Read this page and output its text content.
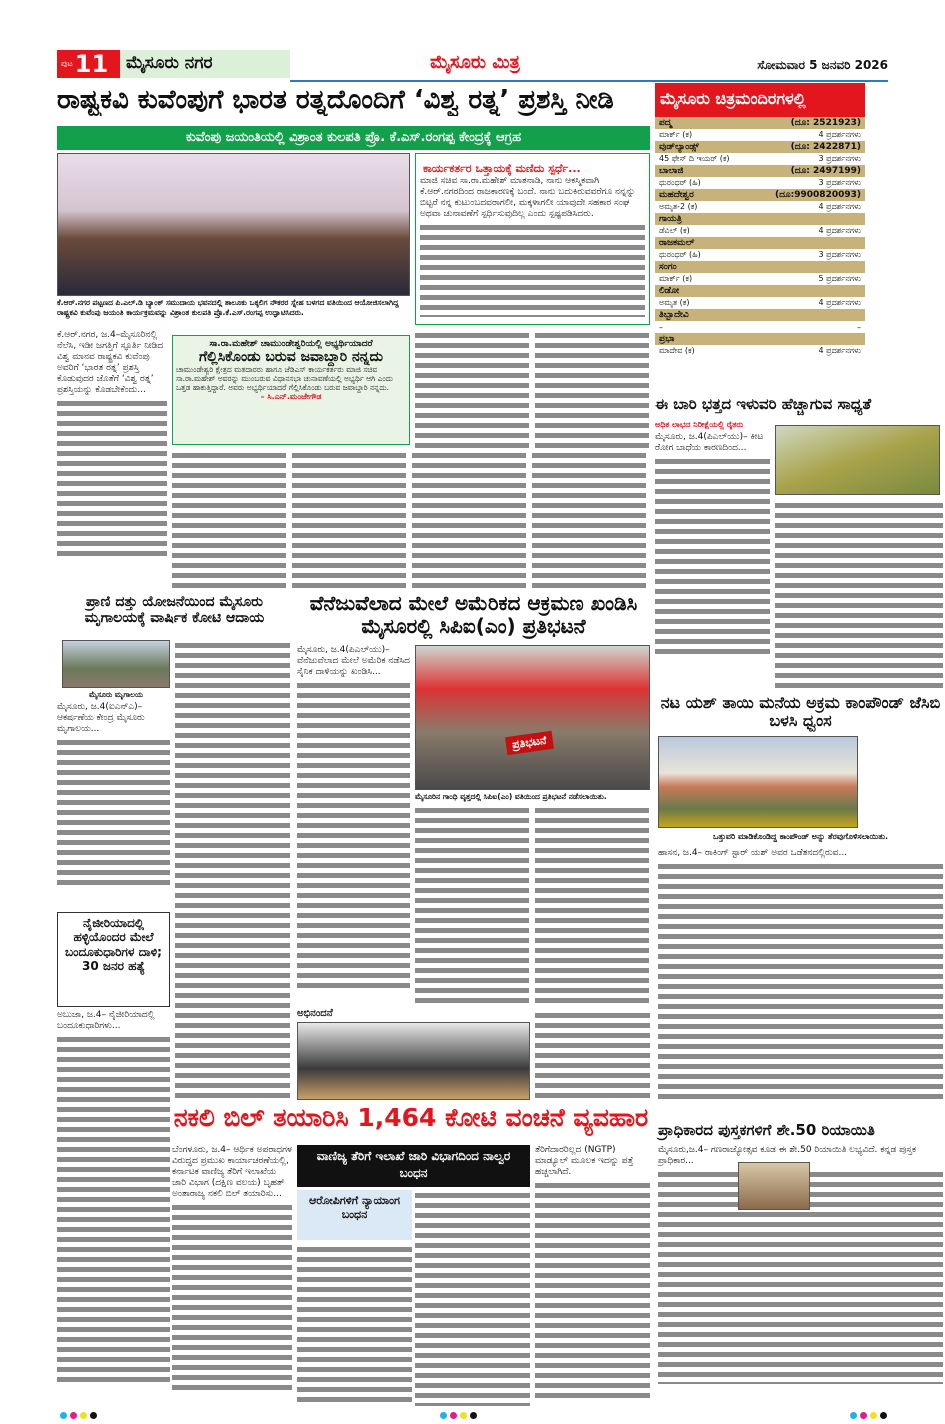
ಪುಟ 11	ಮೈಸೂರು ನಗರ	ಮೈಸೂರು ಮಿತ್ರ	ಸೋಮವಾರ 5 ಜನವರಿ 2026
ರಾಷ್ಟ್ರಕವಿ ಕುವೆಂಪುಗೆ ಭಾರತ ರತ್ನದೊಂದಿಗೆ ‘ವಿಶ್ವ ರತ್ನ’ ಪ್ರಶಸ್ತಿ ನೀಡಿ
ಕುವೆಂಪು ಜಯಂತಿಯಲ್ಲಿ ವಿಶ್ರಾಂತ ಕುಲಪತಿ ಪ್ರೊ. ಕೆ.ಎಸ್.ರಂಗಪ್ಪ ಕೇಂದ್ರಕ್ಕೆ ಆಗ್ರಹ
ಕೆ.ಆರ್.ನಗರ ಪಟ್ಟಣದ ಪಿ.ಎಲ್.ಡಿ ಬ್ಯಾಂಕ್ ಸಮುದಾಯ ಭವನದಲ್ಲಿ ತಾಲೂಕು ಒಕ್ಕಲಿಗ ನೌಕರರ ಸ್ನೇಹ ಬಳಗದ ವತಿಯಿಂದ ಆಯೋಜಿಸಲಾಗಿದ್ದ ರಾಷ್ಟ್ರಕವಿ ಕುವೆಂಪು ಜಯಂತಿ ಕಾರ್ಯಕ್ರಮವನ್ನು ವಿಶ್ರಾಂತ ಕುಲಪತಿ ಪ್ರೊ.ಕೆ.ಎಸ್.ರಂಗಪ್ಪ ಉದ್ಘಾಟಿಸಿದರು.
ಕಾರ್ಯಕರ್ತರ ಒತ್ತಾಯಕ್ಕೆ ಮಣಿದು ಸ್ಪರ್ಧೆ...
ಮಾಜಿ ಸಚಿವ ಸಾ.ರಾ.ಮಹೇಶ್ ಮಾತನಾಡಿ, ನಾನು ಆಕಸ್ಮಿಕವಾಗಿ ಕೆ.ಆರ್.ನಗರದಿಂದ ರಾಜಕಾರಣಕ್ಕೆ ಬಂದೆ. ನಾನು ಬದುಕಿರುವವರೆಗೂ ನನ್ನನ್ನು ಬಿಟ್ಟರೆ ನನ್ನ ಕುಟುಂಬದವರಾಗಲೀ, ಮಕ್ಕಳಾಗಲೀ ಯಾವುದೇ ಸಹಕಾರ ಸಂಘ ಅಥವಾ ಚುನಾವಣೆಗೆ ಸ್ಪರ್ಧಿಸುವುದಿಲ್ಲ ಎಂದು ಸ್ಪಷ್ಟಪಡಿಸಿದರು.
ಕೆ.ಆರ್.ನಗರ, ಜ.4–ಮೈಸೂರಿನಲ್ಲಿ ನೆಲೆಸಿ, ಇಡೀ ಜಗತ್ತಿಗೆ ಸ್ಫೂರ್ತಿ ನೀಡಿದ ವಿಶ್ವ ಮಾನವ ರಾಷ್ಟ್ರಕವಿ ಕುವೆಂಪು ಅವರಿಗೆ ‘ಭಾರತ ರತ್ನ’ ಪ್ರಶಸ್ತಿ ಕೊಡುವುದರ ಜೊತೆಗೆ ‘ವಿಶ್ವ ರತ್ನ’ ಪ್ರಶಸ್ತಿಯನ್ನು ಕೊಡಬೇಕೆಂದು...
ಸಾ.ರಾ.ಮಹೇಶ್ ಚಾಮುಂಡೇಶ್ವರಿಯಲ್ಲಿ ಅಭ್ಯರ್ಥಿಯಾದರೆ
ಗೆಲ್ಲಿಸಿಕೊಂಡು ಬರುವ ಜವಾಬ್ದಾರಿ ನನ್ನದು
ಚಾಮುಂಡೇಶ್ವರಿ ಕ್ಷೇತ್ರದ ಮತದಾರರು ಹಾಗೂ ಜೆಡಿಎಸ್ ಕಾರ್ಯಕರ್ತರು ಮಾಜಿ ಸಚಿವ ಸಾ.ರಾ.ಮಹೇಶ್ ಅವರನ್ನು ಮುಂಬರುವ ವಿಧಾನಸಭಾ ಚುನಾವಣೆಯಲ್ಲಿ ಅಭ್ಯರ್ಥಿ ಆಗಿ ಎಂದು ಒತ್ತಡ ಹಾಕುತ್ತಿದ್ದಾರೆ. ಅವರು ಅಭ್ಯರ್ಥಿಯಾದರೆ ಗೆಲ್ಲಿಸಿಕೊಂಡು ಬರುವ ಜವಾಬ್ದಾರಿ ನನ್ನದು.
– ಸಿ.ಎನ್.ಮಂಜೇಗೌಡ
ಮೈಸೂರು ಚಿತ್ರಮಂದಿರಗಳಲ್ಲಿ
ಪದ್ಮ	(ದೂ: 2521923)
ಮಾರ್ಕ್ (ಕ)	4 ಪ್ರದರ್ಶನಗಳು
ವುಡ್‌ಲ್ಯಾಂಡ್ಸ್	(ದೂ: 2422871)
45 ಫೇಸ್ ದಿ ಇಯರ್ (ಕ)	3 ಪ್ರದರ್ಶನಗಳು
ಬಾಲಾಜಿ	(ದೂ: 2497199)
ಧುರಂಧರ್ (ಹಿ)	3 ಪ್ರದರ್ಶನಗಳು
ಮಹದೇಶ್ವರ	(ದೂ:9900820093)
ಅಮೃತ-2 (ಕ)	4 ಪ್ರದರ್ಶನಗಳು
ಗಾಯತ್ರಿ
ಡೆವಿಲ್ (ಕ)	4 ಪ್ರದರ್ಶನಗಳು
ರಾಜಕಮಲ್
ಧುರಂಧರ್ (ಹಿ)	3 ಪ್ರದರ್ಶನಗಳು
ಸಂಗಂ
ಮಾರ್ಕ್ (ಕ)	5 ಪ್ರದರ್ಶನಗಳು
ಲಿಡೋ
ಅಮೃತ (ಕ)	4 ಪ್ರದರ್ಶನಗಳು
ತಿಬ್ಬಾದೇವಿ
–	–
ಪ್ರಭಾ
ಮಾದೇವ (ಕ)	4 ಪ್ರದರ್ಶನಗಳು
ಈ ಬಾರಿ ಭತ್ತದ ಇಳುವರಿ ಹೆಚ್ಚಾಗುವ ಸಾಧ್ಯತೆ
ಅಧಿಕ ಲಾಭದ ನಿರೀಕ್ಷೆಯಲ್ಲಿ ರೈತರು
ಮೈಸೂರು, ಜ.4(ಪಿಎಲ್‌ಯು)– ಕೀಟ ರೋಗ ಬಾಧೆಯ ಕಾರಣದಿಂದ...
ನಟ ಯಶ್ ತಾಯಿ ಮನೆಯ ಅಕ್ರಮ ಕಾಂಪೌಂಡ್ ಜೆಸಿಬಿ ಬಳಸಿ ಧ್ವಂಸ
ಒತ್ತುವರಿ ಮಾಡಿಕೊಂಡಿದ್ದ ಕಾಂಪೌಂಡ್ ಅನ್ನು ತೆರವುಗೊಳಿಸಲಾಯಿತು.
ಹಾಸನ, ಜ.4– ರಾಕಿಂಗ್ ಸ್ಟಾರ್ ಯಶ್ ಅವರ ಒಡೆತನದಲ್ಲಿರುವ...
ಪ್ರಾಣಿ ದತ್ತು ಯೋಜನೆಯಿಂದ ಮೈಸೂರು ಮೃಗಾಲಯಕ್ಕೆ ವಾರ್ಷಿಕ ಕೋಟಿ ಆದಾಯ
ಮೈಸೂರು ಮೃಗಾಲಯ
ಮೈಸೂರು, ಜ.4(ಐಎನ್‌ಎ)– ಆಕರ್ಷಣೆಯ ಕೇಂದ್ರ ಮೈಸೂರು ಮೃಗಾಲಯ...
ನೈಜೀರಿಯಾದಲ್ಲಿ ಹಳ್ಳಿಯೊಂದರ ಮೇಲೆ ಬಂದೂಕುಧಾರಿಗಳ ದಾಳಿ; 30 ಜನರ ಹತ್ಯೆ
ಅಬುಜಾ, ಜ.4– ನೈಜೀರಿಯಾದಲ್ಲಿ ಬಂದೂಕುಧಾರಿಗಳು...
ವೆನೆಜುವೆಲಾದ ಮೇಲೆ ಅಮೆರಿಕದ ಆಕ್ರಮಣ ಖಂಡಿಸಿ ಮೈಸೂರಲ್ಲಿ ಸಿಪಿಐ(ಎಂ) ಪ್ರತಿಭಟನೆ
ಮೈಸೂರು, ಜ.4(ಪಿಎಲ್‌ಯು)– ವೆನೆಜುವೆಲಾದ ಮೇಲೆ ಅಮೆರಿಕ ನಡೆಸಿದ ಸೈನಿಕ ದಾಳಿಯನ್ನು ಖಂಡಿಸಿ...
ಪ್ರತಿಭಟನೆ
ಮೈಸೂರಿನ ಗಾಂಧಿ ವೃತ್ತದಲ್ಲಿ ಸಿಪಿಐ(ಎಂ) ವತಿಯಿಂದ ಪ್ರತಿಭಟನೆ ನಡೆಸಲಾಯಿತು.
ಅಭಿನಂದನೆ
ನಕಲಿ ಬಿಲ್ ತಯಾರಿಸಿ 1,464 ಕೋಟಿ ವಂಚನೆ ವ್ಯವಹಾರ
ಬೆಂಗಳೂರು, ಜ.4– ಆರ್ಥಿಕ ಅಪರಾಧಗಳ ವಿರುದ್ಧದ ಪ್ರಮುಖ ಕಾರ್ಯಾಚರಣೆಯಲ್ಲಿ, ಕರ್ನಾಟಕ ವಾಣಿಜ್ಯ ತೆರಿಗೆ ಇಲಾಖೆಯ ಜಾರಿ ವಿಭಾಗ (ದಕ್ಷಿಣ ವಲಯ) ಬೃಹತ್ ಅಂತಾರಾಜ್ಯ ನಕಲಿ ಬಿಲ್ ತಯಾರಿಸು...
ವಾಣಿಜ್ಯ ತೆರಿಗೆ ಇಲಾಖೆ ಜಾರಿ ವಿಭಾಗದಿಂದ ನಾಲ್ವರ ಬಂಧನ
ಆರೋಪಿಗಳಿಗೆ ನ್ಯಾಯಾಂಗ ಬಂಧನ
ತೆರಿಗೆದಾರರಿಲ್ಲದ (NGTP) ಮಾಡ್ಯೂಲ್ ಮೂಲಕ ಇದನ್ನು ಪತ್ತೆ ಹಚ್ಚಲಾಗಿದೆ.
ಪ್ರಾಧಿಕಾರದ ಪುಸ್ತಕಗಳಿಗೆ ಶೇ.50 ರಿಯಾಯಿತಿ
ಮೈಸೂರು,ಜ.4– ಗಣರಾಜ್ಯೋತ್ಸವ ಕೂಡ ಈ ಶೇ.50 ರಿಯಾಯಿತಿ ಲಭ್ಯವಿದೆ. ಕನ್ನಡ ಪುಸ್ತಕ ಪ್ರಾಧಿಕಾರ...
